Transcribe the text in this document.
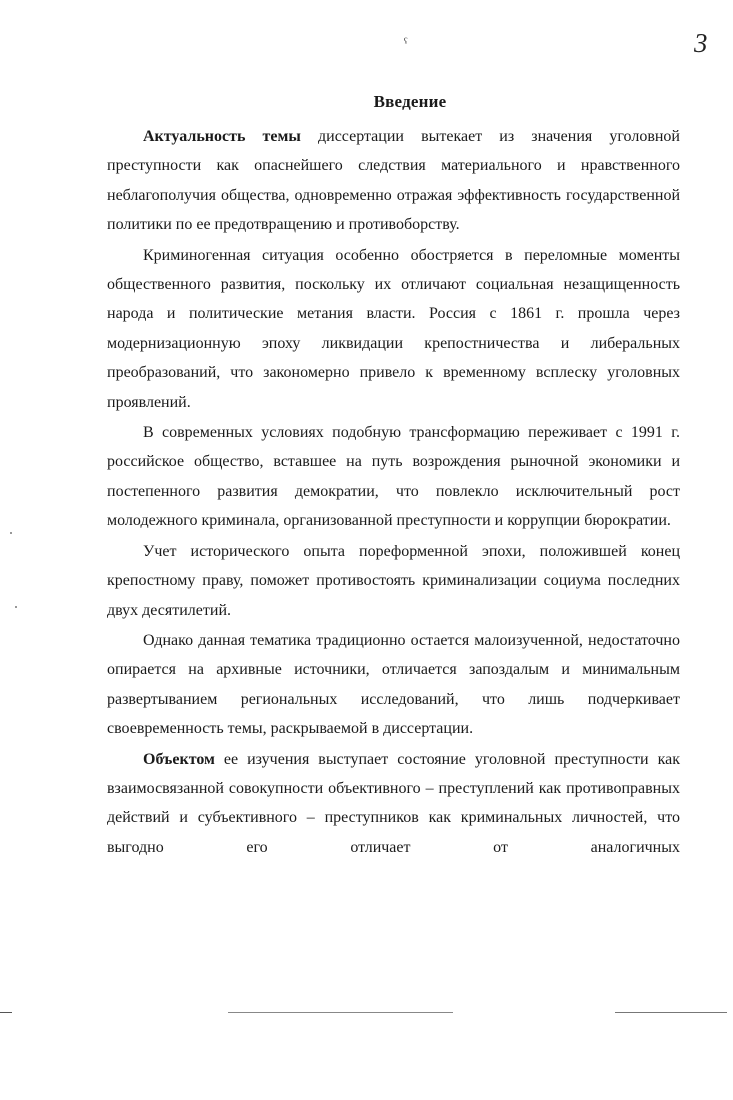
ˁ	3
Введение

Актуальность темы диссертации вытекает из значения уголовной преступности как опаснейшего следствия материального и нравственного неблагополучия общества, одновременно отражая эффективность государственной политики по ее предотвращению и противоборству.

Криминогенная ситуация особенно обостряется в переломные моменты общественного развития, поскольку их отличают социальная незащищенность народа и политические метания власти. Россия с 1861 г. прошла через модернизационную эпоху ликвидации крепостничества и либеральных преобразований, что закономерно привело к временному всплеску уголовных проявлений.

В современных условиях подобную трансформацию переживает с 1991 г. российское общество, вставшее на путь возрождения рыночной экономики и постепенного развития демократии, что повлекло исключительный рост молодежного криминала, организованной преступности и коррупции бюрократии.

Учет исторического опыта пореформенной эпохи, положившей конец крепостному праву, поможет противостоять криминализации социума последних двух десятилетий.

Однако данная тематика традиционно остается малоизученной, недостаточно опирается на архивные источники, отличается запоздалым и минимальным развертыванием региональных исследований, что лишь подчеркивает своевременность темы, раскрываемой в диссертации.

Объектом ее изучения выступает состояние уголовной преступности как взаимосвязанной совокупности объективного – преступлений как противоправных действий и субъективного – преступников как криминальных личностей, что выгодно его отличает от аналогичных
